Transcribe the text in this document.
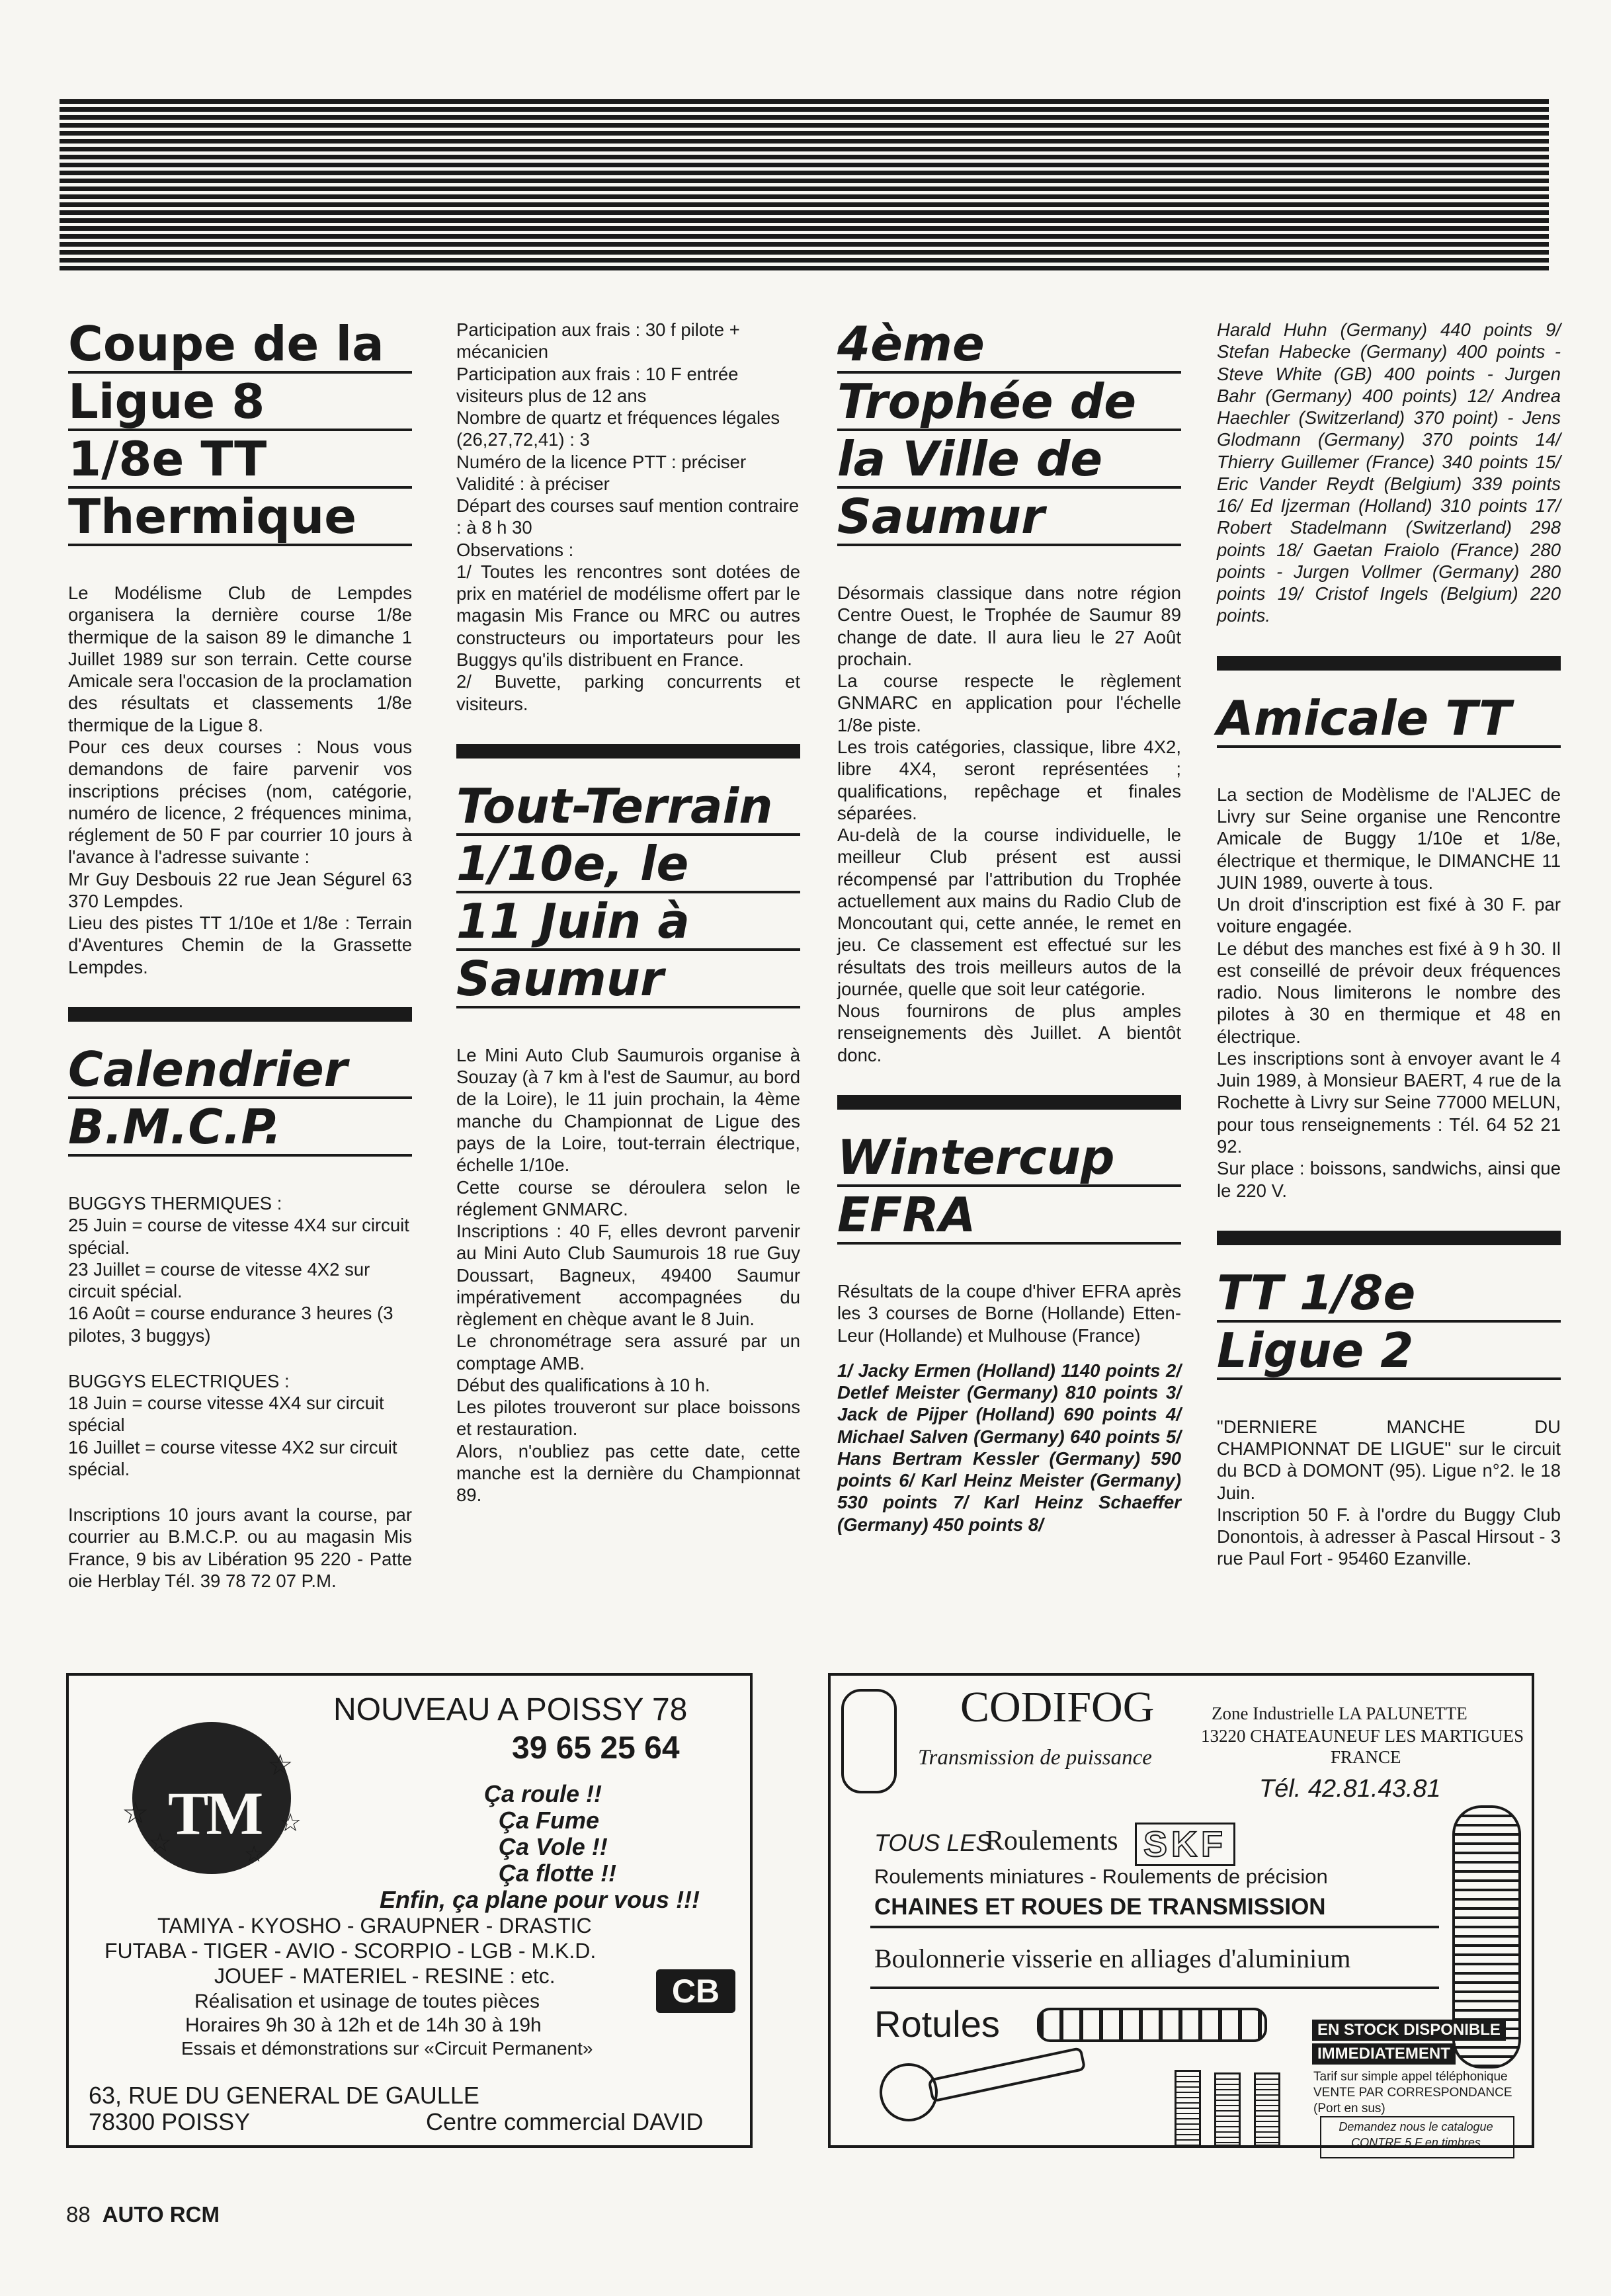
Coupe de la
Ligue 8
1/8e TT
Thermique

Le Modélisme Club de Lempdes organisera la dernière course 1/8e thermique de la saison 89 le dimanche 1 Juillet 1989 sur son terrain. Cette course Amicale sera l'occasion de la proclamation des résultats et classements 1/8e thermique de la Ligue 8.

Pour ces deux courses : Nous vous demandons de faire parvenir vos inscriptions précises (nom, catégorie, numéro de licence, 2 fréquences minima, réglement de 50 F par courrier 10 jours à l'avance à l'adresse suivante :

Mr Guy Desbouis 22 rue Jean Ségurel 63 370 Lempdes.

Lieu des pistes TT 1/10e et 1/8e : Terrain d'Aventures Chemin de la Grassette Lempdes.

Calendrier
B.M.C.P.

BUGGYS THERMIQUES :

25 Juin = course de vitesse 4X4 sur circuit spécial.

23 Juillet = course de vitesse 4X2 sur circuit spécial.

16 Août = course endurance 3 heures (3 pilotes, 3 buggys)

BUGGYS ELECTRIQUES :

18 Juin = course vitesse 4X4 sur circuit spécial

16 Juillet = course vitesse 4X2 sur circuit spécial.

Inscriptions 10 jours avant la course, par courrier au B.M.C.P. ou au magasin Mis France, 9 bis av Libération 95 220 - Patte oie Herblay Tél. 39 78 72 07 P.M.

Participation aux frais : 30 f pilote + mécanicien

Participation aux frais : 10 F entrée visiteurs plus de 12 ans

Nombre de quartz et fréquences légales (26,27,72,41) : 3

Numéro de la licence PTT : préciser

Validité : à préciser

Départ des courses sauf mention contraire : à 8 h 30

Observations :

1/ Toutes les rencontres sont dotées de prix en matériel de modélisme offert par le magasin Mis France ou MRC ou autres constructeurs ou importateurs pour les Buggys qu'ils distribuent en France.

2/ Buvette, parking concurrents et visiteurs.

Tout-Terrain
1/10e, le
11 Juin à
Saumur

Le Mini Auto Club Saumurois organise à Souzay (à 7 km à l'est de Saumur, au bord de la Loire), le 11 juin prochain, la 4ème manche du Championnat de Ligue des pays de la Loire, tout-terrain électrique, échelle 1/10e.

Cette course se déroulera selon le réglement GNMARC.

Inscriptions : 40 F, elles devront parvenir au Mini Auto Club Saumurois 18 rue Guy Doussart, Bagneux, 49400 Saumur impérativement accompagnées du règlement en chèque avant le 8 Juin.

Le chronométrage sera assuré par un comptage AMB.

Début des qualifications à 10 h.

Les pilotes trouveront sur place boissons et restauration.

Alors, n'oubliez pas cette date, cette manche est la dernière du Championnat 89.

4ème
Trophée de
la Ville de
Saumur

Désormais classique dans notre région Centre Ouest, le Trophée de Saumur 89 change de date. Il aura lieu le 27 Août prochain.

La course respecte le règlement GNMARC en application pour l'échelle 1/8e piste.

Les trois catégories, classique, libre 4X2, libre 4X4, seront représentées ; qualifications, repêchage et finales séparées.

Au-delà de la course individuelle, le meilleur Club présent est aussi récompensé par l'attribution du Trophée actuellement aux mains du Radio Club de Moncoutant qui, cette année, le remet en jeu. Ce classement est effectué sur les résultats des trois meilleurs autos de la journée, quelle que soit leur catégorie.

Nous fournirons de plus amples renseignements dès Juillet. A bientôt donc.

Wintercup
EFRA

Résultats de la coupe d'hiver EFRA après les 3 courses de Borne (Hollande) Etten-Leur (Hollande) et Mulhouse (France)

1/ Jacky Ermen (Holland) 1140 points 2/ Detlef Meister (Germany) 810 points 3/ Jack de Pijper (Holland) 690 points 4/ Michael Salven (Germany) 640 points 5/ Hans Bertram Kessler (Germany) 590 points 6/ Karl Heinz Meister (Germany) 530 points 7/ Karl Heinz Schaeffer (Germany) 450 points 8/

Harald Huhn (Germany) 440 points 9/ Stefan Habecke (Germany) 400 points - Steve White (GB) 400 points - Jurgen Bahr (Germany) 400 points) 12/ Andrea Haechler (Switzerland) 370 point) - Jens Glodmann (Germany) 370 points 14/ Thierry Guillemer (France) 340 points 15/ Eric Vander Reydt (Belgium) 339 points 16/ Ed Ijzerman (Holland) 310 points 17/ Robert Stadelmann (Switzerland) 298 points 18/ Gaetan Fraiolo (France) 280 points - Jurgen Vollmer (Germany) 280 points 19/ Cristof Ingels (Belgium) 220 points.

Amicale TT

La section de Modèlisme de l'ALJEC de Livry sur Seine organise une Rencontre Amicale de Buggy 1/10e et 1/8e, électrique et thermique, le DIMANCHE 11 JUIN 1989, ouverte à tous.

Un droit d'inscription est fixé à 30 F. par voiture engagée.

Le début des manches est fixé à 9 h 30. Il est conseillé de prévoir deux fréquences radio. Nous limiterons le nombre des pilotes à 30 en thermique et 48 en électrique.

Les inscriptions sont à envoyer avant le 4 Juin 1989, à Monsieur BAERT, 4 rue de la Rochette à Livry sur Seine 77000 MELUN, pour tous renseignements : Tél. 64 52 21 92.

Sur place : boissons, sandwichs, ainsi que le 220 V.

TT 1/8e
Ligue 2

"DERNIERE MANCHE DU CHAMPIONNAT DE LIGUE" sur le circuit du BCD à DOMONT (95). Ligue n°2. le 18 Juin.

Inscription 50 F. à l'ordre du Buggy Club Donontois, à adresser à Pascal Hirsout - 3 rue Paul Fort - 95460 Ezanville.

TM
☆
☆
☆
☆
☆
NOUVEAU A POISSY 78
39 65 25 64
Ça roule !!
Ça Fume
Ça Vole !!
Ça flotte !!
Enfin, ça plane pour vous !!!
TAMIYA - KYOSHO - GRAUPNER - DRASTIC
FUTABA - TIGER - AVIO - SCORPIO - LGB - M.K.D.
JOUEF - MATERIEL - RESINE : etc.
Réalisation et usinage de toutes pièces
Horaires 9h 30 à 12h et de 14h 30 à 19h
Essais et démonstrations sur «Circuit Permanent»
CB
63, RUE DU GENERAL DE GAULLE
78300 POISSY	Centre commercial DAVID
CODIFOG	Zone Industrielle LA PALUNETTE
13220 CHATEAUNEUF LES MARTIGUES
Transmission de puissance	FRANCE
Tél. 42.81.43.81
TOUS LES
Roulements SKF
Roulements miniatures - Roulements de précision
CHAINES ET ROUES DE TRANSMISSION
Boulonnerie visserie en alliages d'aluminium
Rotules	EN STOCK DISPONIBLE
IMMEDIATEMENT
Tarif sur simple appel téléphonique
VENTE PAR CORRESPONDANCE
(Port en sus)
Demandez nous le catalogue
CONTRE 5 F en timbres
88 AUTO RCM
